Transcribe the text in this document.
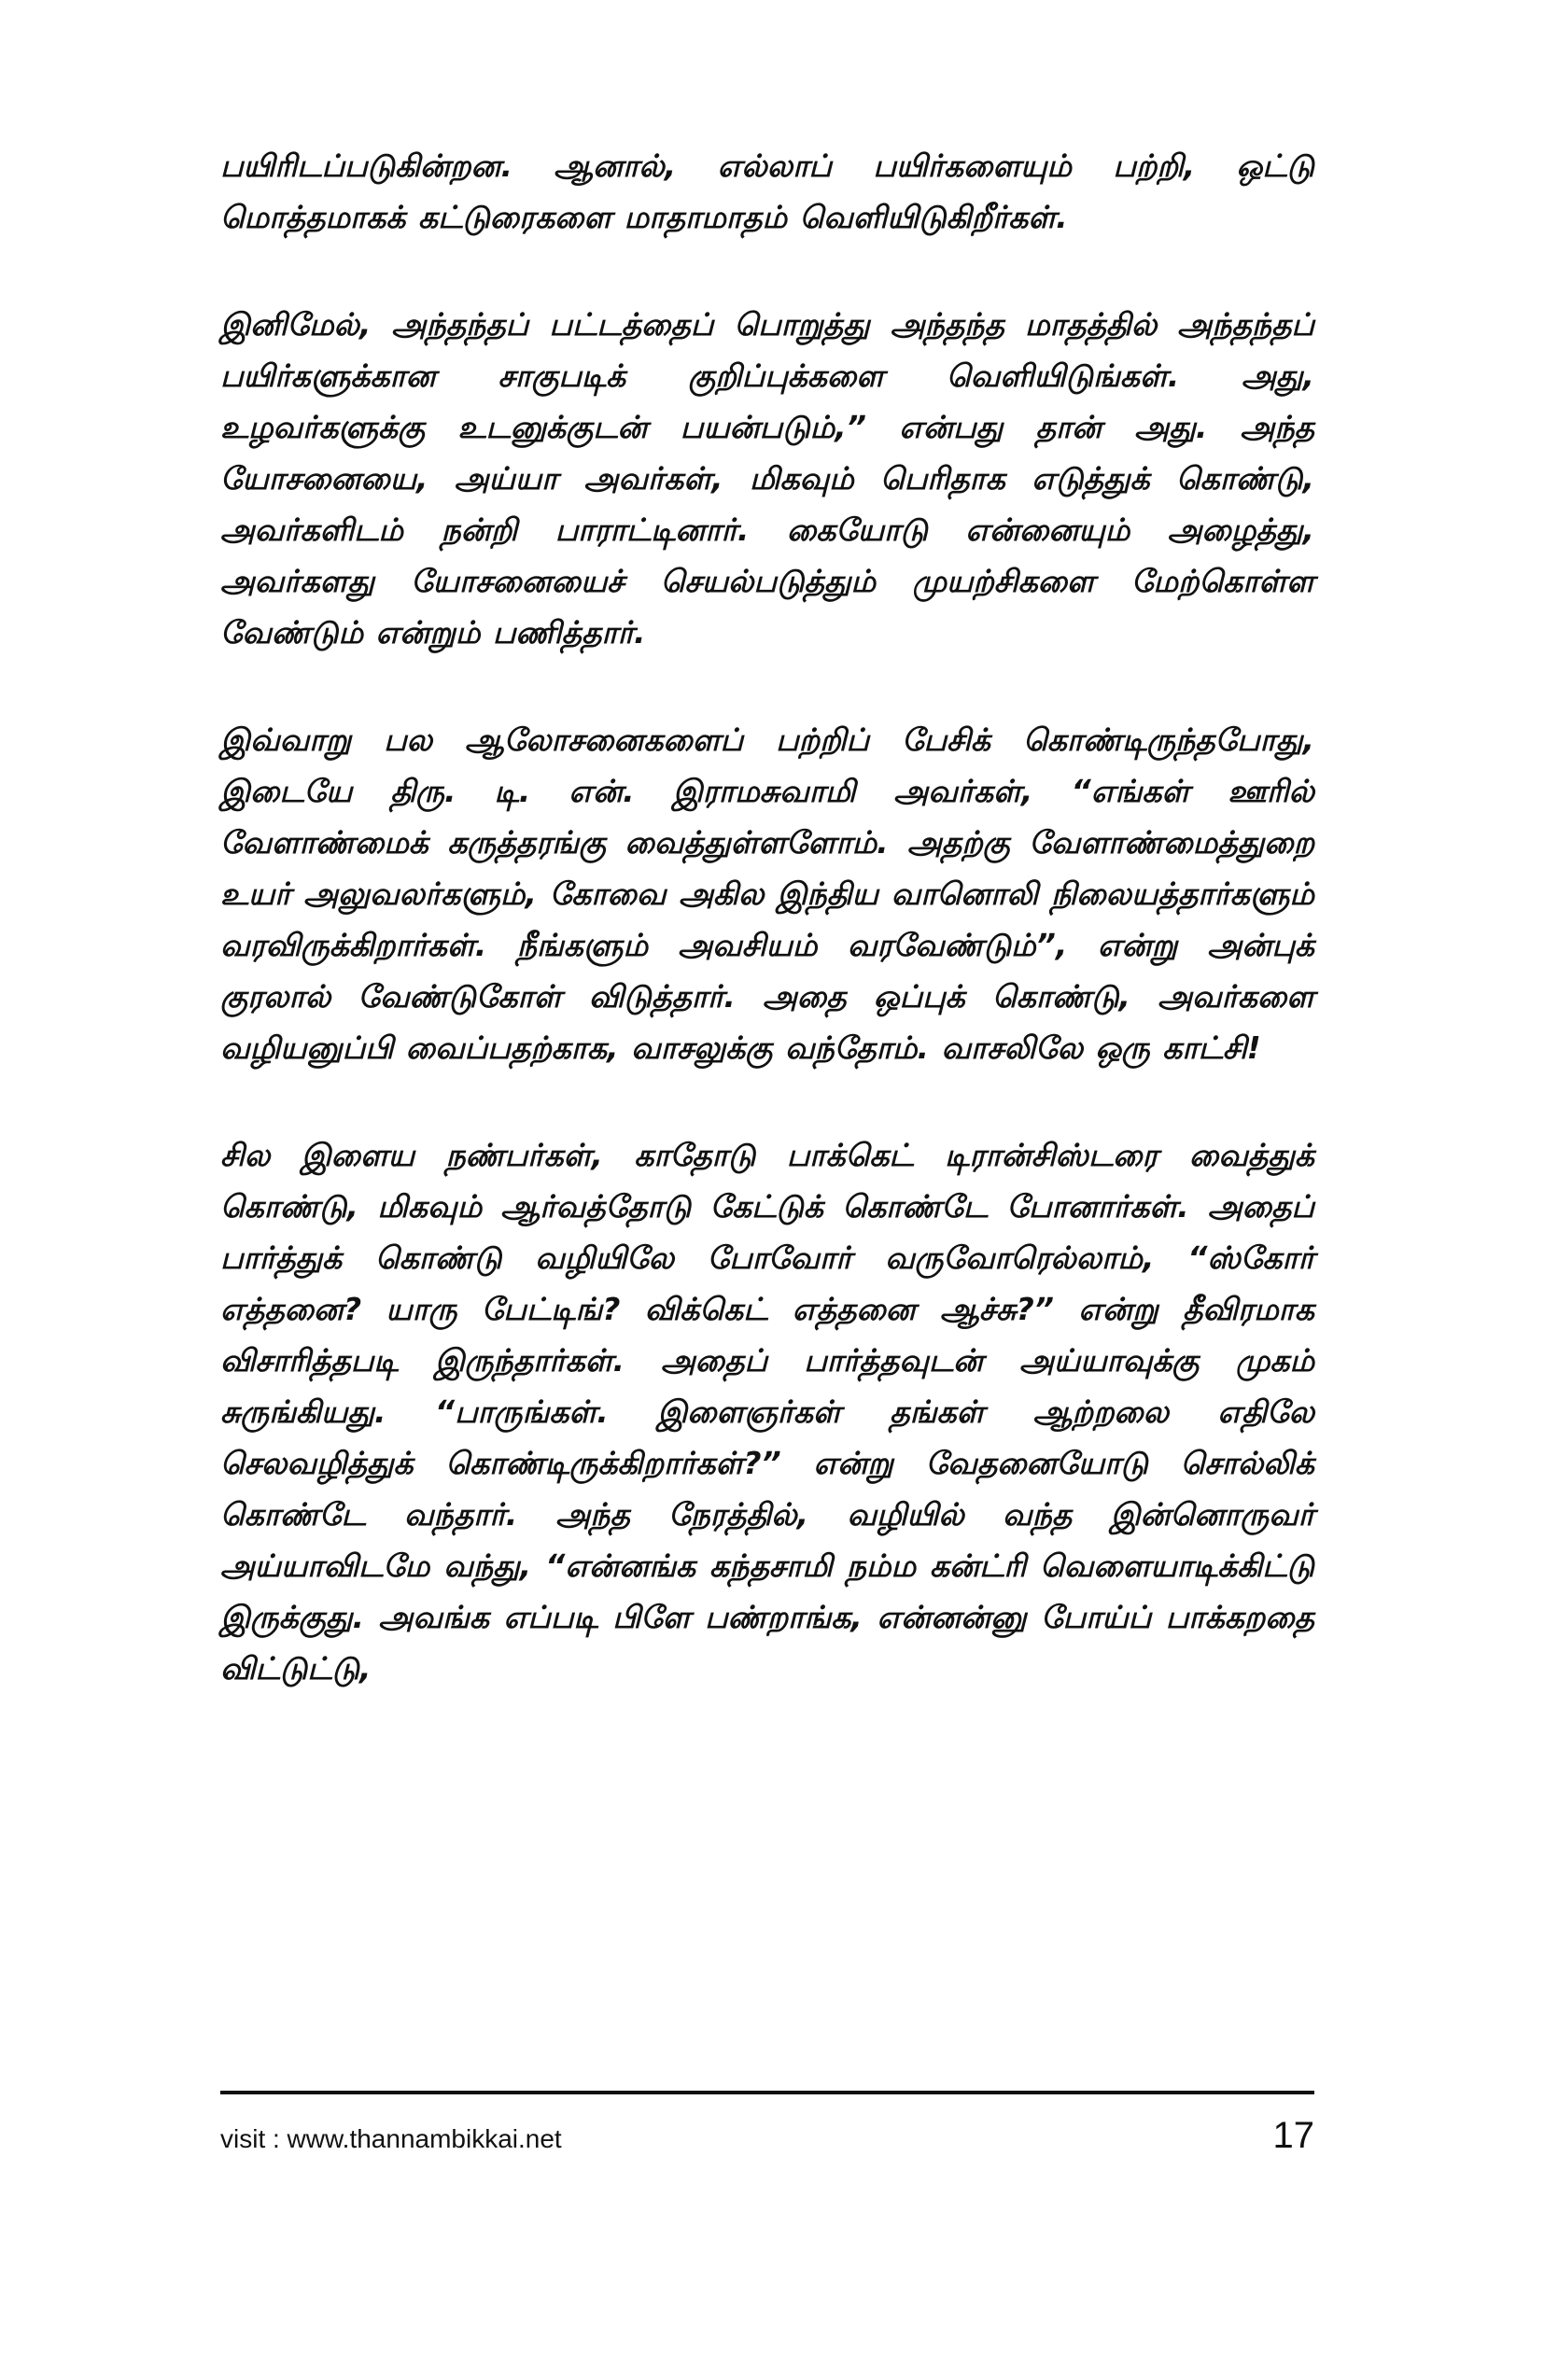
பயிரிடப்படுகின்றன. ஆனால், எல்லாப் பயிர்களையும் பற்றி, ஒட்டு மொத்தமாகக் கட்டுரைகளை மாதாமாதம் வெளியிடுகிறீர்கள்.

இனிமேல், அந்தந்தப் பட்டத்தைப் பொறுத்து அந்தந்த மாதத்தில் அந்தந்தப் பயிர்களுக்கான சாகுபடிக் குறிப்புக்களை வெளியிடுங்கள். அது, உழவர்களுக்கு உடனுக்குடன் பயன்படும்,” என்பது தான் அது. அந்த யோசனையை, அய்யா அவர்கள், மிகவும் பெரிதாக எடுத்துக் கொண்டு, அவர்களிடம் நன்றி பாராட்டினார். கையோடு என்னையும் அழைத்து, அவர்களது யோசனையைச் செயல்படுத்தும் முயற்சிகளை மேற்கொள்ள வேண்டும் என்றும் பணித்தார்.

இவ்வாறு பல ஆலோசனைகளைப் பற்றிப் பேசிக் கொண்டிருந்தபோது, இடையே திரு. டி. என். இராமசுவாமி அவர்கள், “எங்கள் ஊரில் வேளாண்மைக் கருத்தரங்கு வைத்துள்ளளோம். அதற்கு வேளாண்மைத்துறை உயர் அலுவலர்களும், கோவை அகில இந்திய வானொலி நிலையத்தார்களும் வரவிருக்கிறார்கள். நீங்களும் அவசியம் வரவேண்டும்”, என்று அன்புக் குரலால் வேண்டுகோள் விடுத்தார். அதை ஒப்புக் கொண்டு, அவர்களை வழியனுப்பி வைப்பதற்காக, வாசலுக்கு வந்தோம். வாசலிலே ஒரு காட்சி!

சில இளைய நண்பர்கள், காதோடு பாக்கெட் டிரான்சிஸ்டரை வைத்துக் கொண்டு, மிகவும் ஆர்வத்தோடு கேட்டுக் கொண்டே போனார்கள். அதைப் பார்த்துக் கொண்டு வழியிலே போவோர் வருவோரெல்லாம், “ஸ்கோர் எத்தனை? யாரு பேட்டிங்? விக்கெட் எத்தனை ஆச்சு?” என்று தீவிரமாக விசாரித்தபடி இருந்தார்கள். அதைப் பார்த்தவுடன் அய்யாவுக்கு முகம் சுருங்கியது. “பாருங்கள். இளைஞர்கள் தங்கள் ஆற்றலை எதிலே செலவழித்துக் கொண்டிருக்கிறார்கள்?” என்று வேதனையோடு சொல்லிக் கொண்டே வந்தார். அந்த நேரத்தில், வழியில் வந்த இன்னொருவர் அய்யாவிடமே வந்து, “என்னங்க கந்தசாமி நம்ம கன்ட்ரி வெளையாடிக்கிட்டு இருக்குது. அவங்க எப்படி பிளே பண்றாங்க, என்னன்னு போய்ப் பாக்கறதை விட்டுட்டு,

visit : www.thannambikkai.net	17
